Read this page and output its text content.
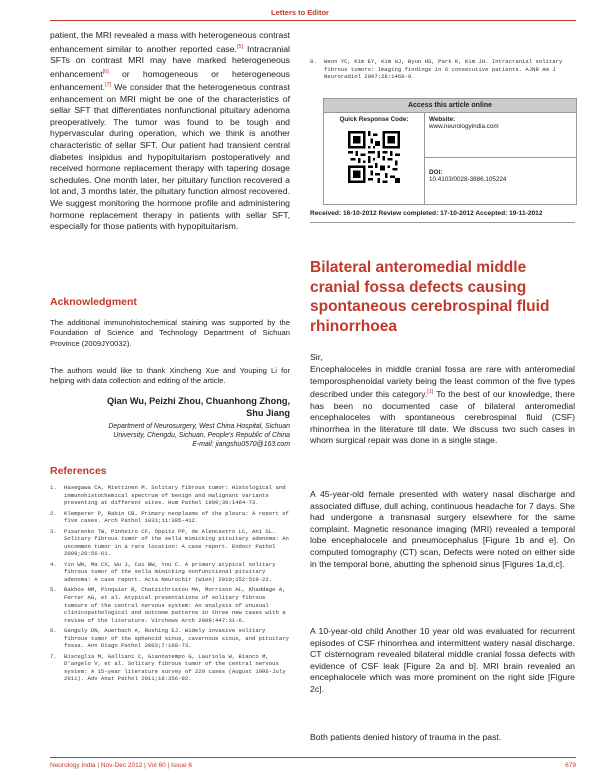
Letters to Editor

patient, the MRI revealed a mass with heterogeneous contrast enhancement similar to another reported case.[5] Intracranial SFTs on contrast MRI may have marked heterogeneous enhancement[6] or homogeneous or heterogeneous enhancement.[7] We consider that the heterogeneous contrast enhancement on MRI might be one of the characteristics of sellar SFT that differentiates nonfunctional pituitary adenoma preoperatively. The tumor was found to be tough and hypervascular during operation, which we think is another characteristic of sellar SFT. Our patient had transient central diabetes insipidus and hypopituitarism postoperatively and received hormone replacement therapy with tapering dosage schedules. One month later, her pituitary function recovered a lot and, 3 months later, the pituitary function almost recovered. We suggest monitoring the hormone profile and administering hormone replacement therapy in patients with sellar SFT, especially for those patients with hypopituitarism.

Acknowledgment

The additional immunohistochemical staining was supported by the Foundation of Science and Technology Department of Sichuan Province (2009JY0032).

The authors would like to thank Xincheng Xue and Youping Li for helping with data collection and editing of the article.

Qian Wu, Peizhi Zhou, Chuanhong Zhong,
Shu Jiang
Department of Neurosurgery, West China Hospital, Sichuan
University, Chengdu, Sichuan, People's Republic of China
E-mail: jiangshu0570@163.com
References
1. Hasegawa CA, Miettinen M. Solitary fibrous tumor: Histological and immunohistochemical spectrum of benign and malignant variants presenting at different sites. Hum Pathol 1999;30:1464-73.
2. Klemperer P, Rabin CB. Primary neoplasms of the pleura: A report of five cases. Arch Pathol 1931;11:385-412.
3. Pisarenko TW, Pinheiro CF, Oppitz PP, de Alencastro LC, Ani SL. Solitary fibrous tumor of the sella mimicking pituitary adenoma: An uncommon tumor in a rare location: A case report. Endocr Pathol 2009;20:56-61.
4. Yin WN, Ma CX, Wu J, Cai BW, You C. A primary atypical solitary fibrous tumor of the sella mimicking nonfunctional pituitary adenoma: A case report. Acta Neurochir (Wien) 2010;152:519-22.
5. Bakhos NM, Pinquier B, Chatzichristou MA, Morrison AL, Khaddage A, Ferrer AG, et al. Atypical presentations of solitary fibrous tumours of the central nervous system: An analysis of unusual clinicopathological and outcome patterns in three new cases with a review of the literature. Virchows Arch 2009;447:31-6.
6. Ganguly DN, Auerbach A, Rushing EJ. Widely invasive solitary fibrous tumor of the sphenoid sinus, cavernous sinus, and pituitary fossa. Ann Diagn Pathol 2003;7:168-73.
7. Bisceglia M, Galliani C, Giannatempo G, Lauriola W, Bianco M, D'angelo V, et al. Solitary fibrous tumor of the central nervous system: A 15-year literature survey of 220 cases (August 1996-July 2011). Adv Anat Pathol 2011;18:356-92.
8. Weon YC, Kim EY, Kim HJ, Byun HS, Park K, Kim JH. Intracranial solitary fibrous tumors: Imaging findings in 6 consecutive patients. AJNR Am J Neuroradiol 2007;28:1466-9.
Access this article online
Quick Response Code:	Website:
www.neurologyindia.com
DOI:
10.4103/0028-3886.105224
Received: 16-10-2012 Review completed: 17-10-2012 Accepted: 19-11-2012
Bilateral anteromedial middle cranial fossa defects causing spontaneous cerebrospinal fluid rhinorrhoea

Sir,

Encephaloceles in middle cranial fossa are rare with anteromedial temporosphenoidal variety being the least common of the five types described under this category.[1] To the best of our knowledge, there has been no documented case of bilateral anteromedial encephaloceles with spontaneous cerebrospinal fluid (CSF) rhinorrhea in the literature till date. We discuss two such cases in whom surgical repair was done in a single stage.

A 45-year-old female presented with watery nasal discharge and associated diffuse, dull aching, continuous headache for 7 days. She had undergone a transnasal surgery elsewhere for the same complaint. Magnetic resonance imaging (MRI) revealed a temporal lobe encephalocele and pneumocephalus [Figure 1b and e]. On computed tomography (CT) scan, Defects were noted on either side in the temporal bone, abutting the sphenoid sinus [Figures 1a,d,c].

A 10-year-old child Another 10 year old was evaluated for recurrent episodes of CSF rhinorrhea and intermittent watery nasal discharge. CT cisternogram revealed bilateral middle cranial fossa defects with evidence of CSF leak [Figure 2a and b]. MRI brain revealed an encephalocele which was more prominent on the right side [Figure 2c].

Both patients denied history of trauma in the past.

Neurology India | Nov-Dec 2012 | Vol 60 | Issue 6	679
